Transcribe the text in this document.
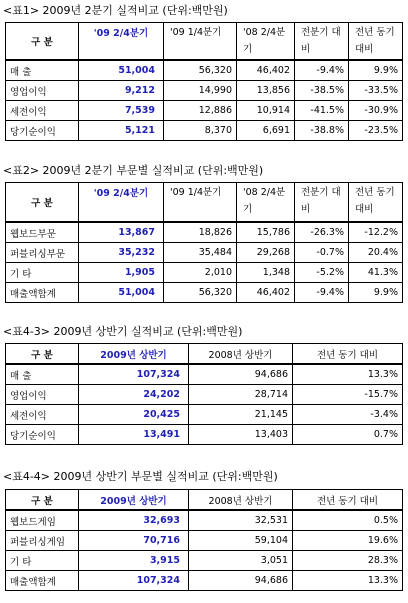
<표1> 2009년 2분기 실적비교 (단위:백만원)
구 분	'09 2/4분기	'09 1/4분기	'08 2/4분기	전분기 대비	전년 동기 대비
매 출	51,004	56,320	46,402	-9.4%	9.9%
영업이익	9,212	14,990	13,856	-38.5%	-33.5%
세전이익	7,539	12,886	10,914	-41.5%	-30.9%
당기순이익	5,121	8,370	6,691	-38.8%	-23.5%
<표2> 2009년 2분기 부문별 실적비교 (단위:백만원)
구 분	'09 2/4분기	'09 1/4분기	'08 2/4분기	전분기 대비	전년 동기 대비
웹보드부문	13,867	18,826	15,786	-26.3%	-12.2%
퍼블리싱부문	35,232	35,484	29,268	-0.7%	20.4%
기 타	1,905	2,010	1,348	-5.2%	41.3%
매출액합계	51,004	56,320	46,402	-9.4%	9.9%
<표4-3> 2009년 상반기 실적비교 (단위:백만원)
구 분	2009년 상반기	2008년 상반기	전년 동기 대비
매 출	107,324	94,686	13.3%
영업이익	24,202	28,714	-15.7%
세전이익	20,425	21,145	-3.4%
당기순이익	13,491	13,403	0.7%
<표4-4> 2009년 상반기 부문별 실적비교 (단위:백만원)
구 분	2009년 상반기	2008년 상반기	전년 동기 대비
웹보드게임	32,693	32,531	0.5%
퍼블리싱게임	70,716	59,104	19.6%
기 타	3,915	3,051	28.3%
매출액합계	107,324	94,686	13.3%
